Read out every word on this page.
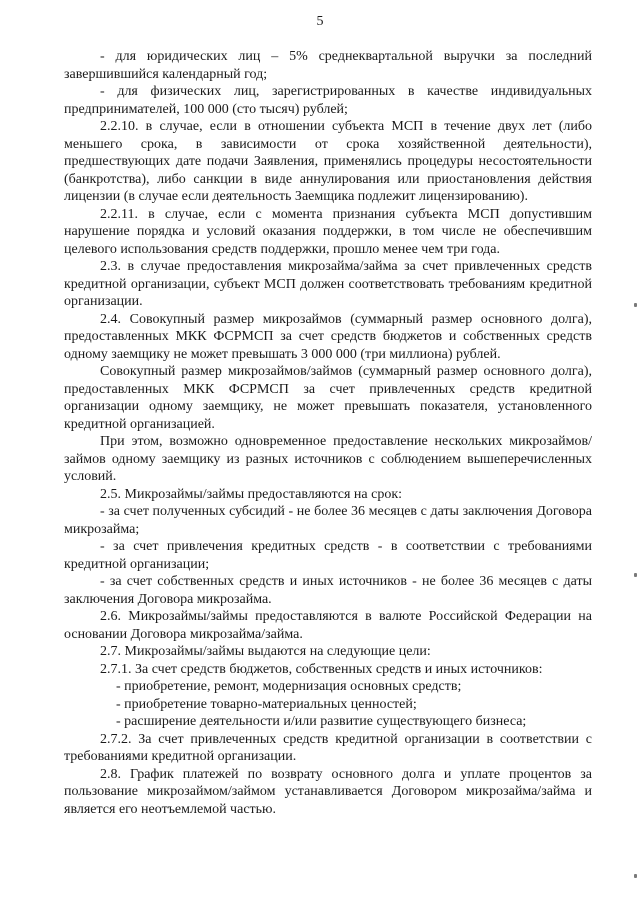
5

- для юридических лиц – 5% среднеквартальной выручки за последний завершившийся календарный год;

- для физических лиц, зарегистрированных в качестве индивидуальных предпринимателей, 100 000 (сто тысяч) рублей;

2.2.10. в случае, если в отношении субъекта МСП в течение двух лет (либо меньшего срока, в зависимости от срока хозяйственной деятельности), предшествующих дате подачи Заявления, применялись процедуры несостоятельности (банкротства), либо санкции в виде аннулирования или приостановления действия лицензии (в случае если деятельность Заемщика подлежит лицензированию).

2.2.11. в случае, если с момента признания субъекта МСП допустившим нарушение порядка и условий оказания поддержки, в том числе не обеспечившим целевого использования средств поддержки, прошло менее чем три года.

2.3. в случае предоставления микрозайма/займа за счет привлеченных средств кредитной организации, субъект МСП должен соответствовать требованиям кредитной организации.

2.4. Совокупный размер микрозаймов (суммарный размер основного долга), предоставленных МКК ФСРМСП за счет средств бюджетов и собственных средств одному заемщику не может превышать 3 000 000 (три миллиона) рублей.

Совокупный размер микрозаймов/займов (суммарный размер основного долга), предоставленных МКК ФСРМСП за счет привлеченных средств кредитной организации одному заемщику, не может превышать показателя, установленного кредитной организацией.

При этом, возможно одновременное предоставление нескольких микрозаймов/займов одному заемщику из разных источников с соблюдением вышеперечисленных условий.

2.5. Микрозаймы/займы предоставляются на срок:

- за счет полученных субсидий - не более 36 месяцев с даты заключения Договора микрозайма;

- за счет привлечения кредитных средств - в соответствии с требованиями кредитной организации;

- за счет собственных средств и иных источников - не более 36 месяцев с даты заключения Договора микрозайма.

2.6. Микрозаймы/займы предоставляются в валюте Российской Федерации на основании Договора микрозайма/займа.

2.7. Микрозаймы/займы выдаются на следующие цели:

2.7.1. За счет средств бюджетов, собственных средств и иных источников:

- приобретение, ремонт, модернизация основных средств;

- приобретение товарно-материальных ценностей;

- расширение деятельности и/или развитие существующего бизнеса;

2.7.2. За счет привлеченных средств кредитной организации в соответствии с требованиями кредитной организации.

2.8. График платежей по возврату основного долга и уплате процентов за пользование микрозаймом/займом устанавливается Договором микрозайма/займа и является его неотъемлемой частью.
